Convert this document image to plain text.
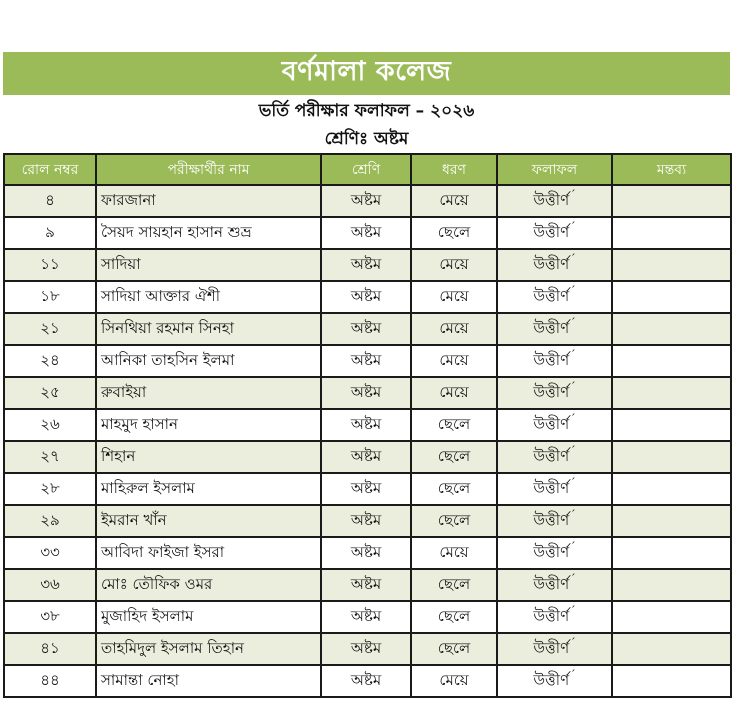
বর্ণমালা কলেজ
ভর্তি পরীক্ষার ফলাফল – ২০২৬
শ্রেণিঃ অষ্টম
রোল নম্বর	পরীক্ষার্থীর নাম	শ্রেণি	ধরণ	ফলাফল	মন্তব্য
৪	ফারজানা	অষ্টম	মেয়ে	উত্তীর্ণ´	
৯	সৈয়দ সায়হান হাসান শুভ্র	অষ্টম	ছেলে	উত্তীর্ণ´	
১১	সাদিয়া	অষ্টম	মেয়ে	উত্তীর্ণ´	
১৮	সাদিয়া আক্তার ঐশী	অষ্টম	মেয়ে	উত্তীর্ণ´	
২১	সিনথিয়া রহমান সিনহা	অষ্টম	মেয়ে	উত্তীর্ণ´	
২৪	আনিকা তাহসিন ইলমা	অষ্টম	মেয়ে	উত্তীর্ণ´	
২৫	রুবাইয়া	অষ্টম	মেয়ে	উত্তীর্ণ´	
২৬	মাহমুদ হাসান	অষ্টম	ছেলে	উত্তীর্ণ´	
২৭	শিহান	অষ্টম	ছেলে	উত্তীর্ণ´	
২৮	মাহিরুল ইসলাম	অষ্টম	ছেলে	উত্তীর্ণ´	
২৯	ইমরান খাঁন	অষ্টম	ছেলে	উত্তীর্ণ´	
৩৩	আবিদা ফাইজা ইসরা	অষ্টম	মেয়ে	উত্তীর্ণ´	
৩৬	মোঃ তৌফিক ওমর	অষ্টম	ছেলে	উত্তীর্ণ´	
৩৮	মুজাহিদ ইসলাম	অষ্টম	ছেলে	উত্তীর্ণ´	
৪১	তাহমিদুল ইসলাম তিহান	অষ্টম	ছেলে	উত্তীর্ণ´	
৪৪	সামান্তা নোহা	অষ্টম	মেয়ে	উত্তীর্ণ´	
